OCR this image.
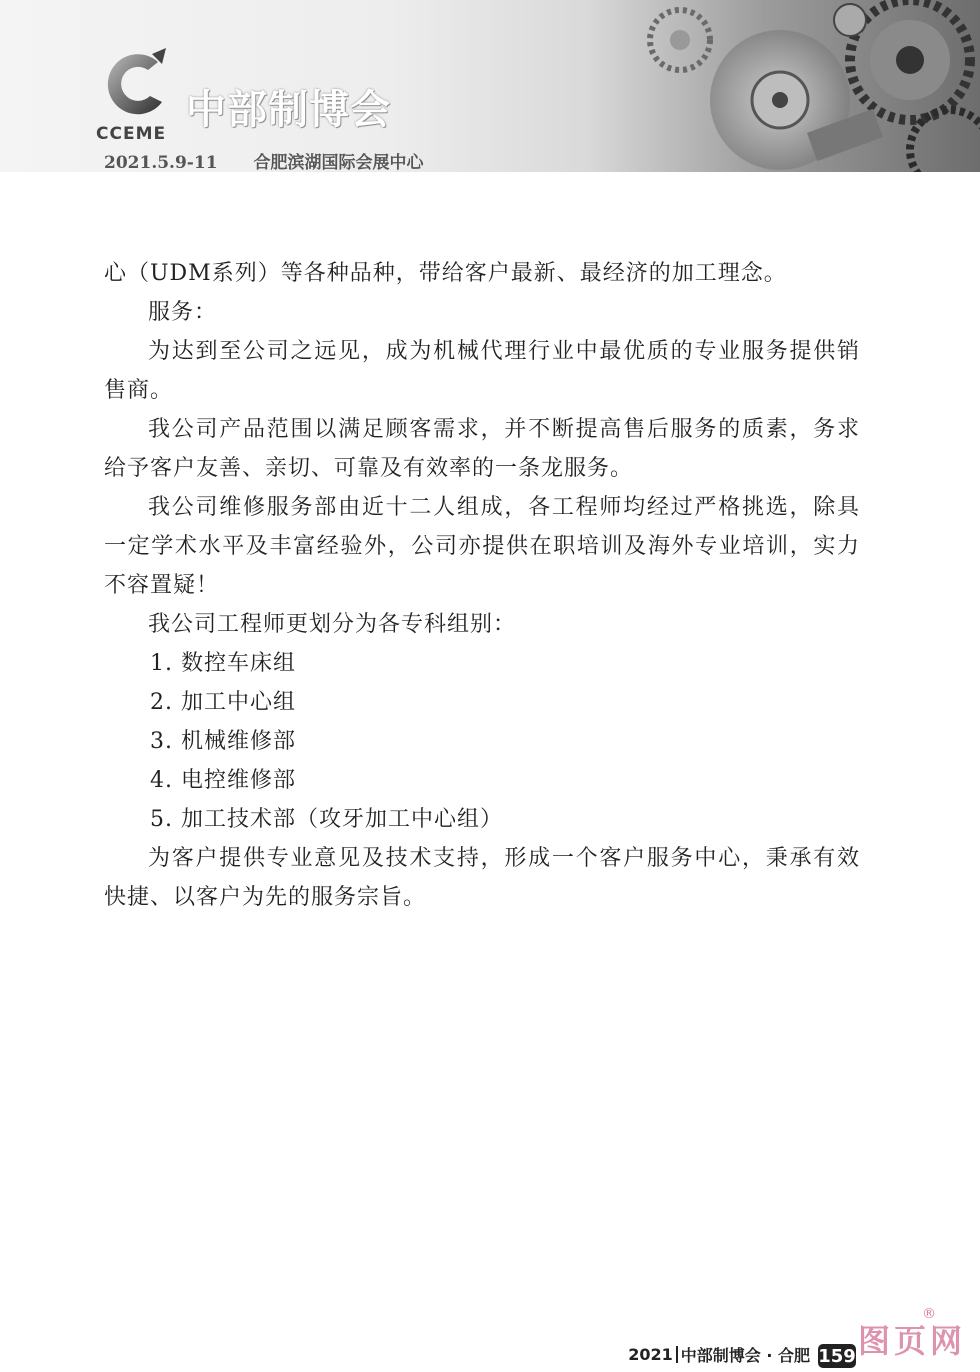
CCEME
中部制博会
2021.5.9-11 合肥滨湖国际会展中心

心（UDM系列）等各种品种，带给客户最新、最经济的加工理念。

服务：

为达到至公司之远见，成为机械代理行业中最优质的专业服务提供销售商。

我公司产品范围以满足顾客需求，并不断提高售后服务的质素，务求给予客户友善、亲切、可靠及有效率的一条龙服务。

我公司维修服务部由近十二人组成，各工程师均经过严格挑选，除具一定学术水平及丰富经验外，公司亦提供在职培训及海外专业培训，实力不容置疑！

我公司工程师更划分为各专科组别：

1. 数控车床组

2. 加工中心组

3. 机械维修部

4. 电控维修部

5. 加工技术部（攻牙加工中心组）

为客户提供专业意见及技术支持，形成一个客户服务中心，秉承有效快捷、以客户为先的服务宗旨。

2021 中部制博会 · 合肥 159
®
图页网
